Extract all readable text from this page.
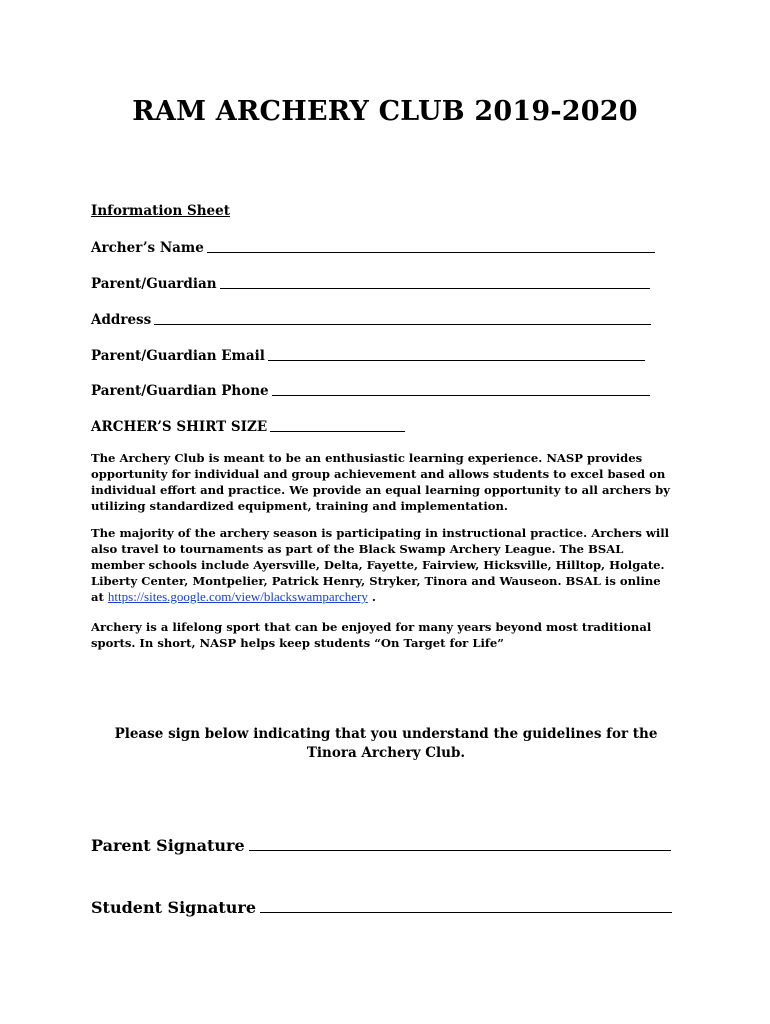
RAM ARCHERY CLUB 2019-2020
Information Sheet
Archer’s Name
Parent/Guardian
Address
Parent/Guardian Email
Parent/Guardian Phone
ARCHER’S SHIRT SIZE
The Archery Club is meant to be an enthusiastic learning experience. NASP provides opportunity for individual and group achievement and allows students to excel based on individual effort and practice. We provide an equal learning opportunity to all archers by utilizing standardized equipment, training and implementation.
The majority of the archery season is participating in instructional practice. Archers will also travel to tournaments as part of the Black Swamp Archery League. The BSAL member schools include Ayersville, Delta, Fayette, Fairview, Hicksville, Hilltop, Holgate. Liberty Center, Montpelier, Patrick Henry, Stryker, Tinora and Wauseon. BSAL is online at https://sites.google.com/view/blackswamparchery .
Archery is a lifelong sport that can be enjoyed for many years beyond most traditional sports. In short, NASP helps keep students “On Target for Life”
Please sign below indicating that you understand the guidelines for the Tinora Archery Club.
Parent Signature
Student Signature
